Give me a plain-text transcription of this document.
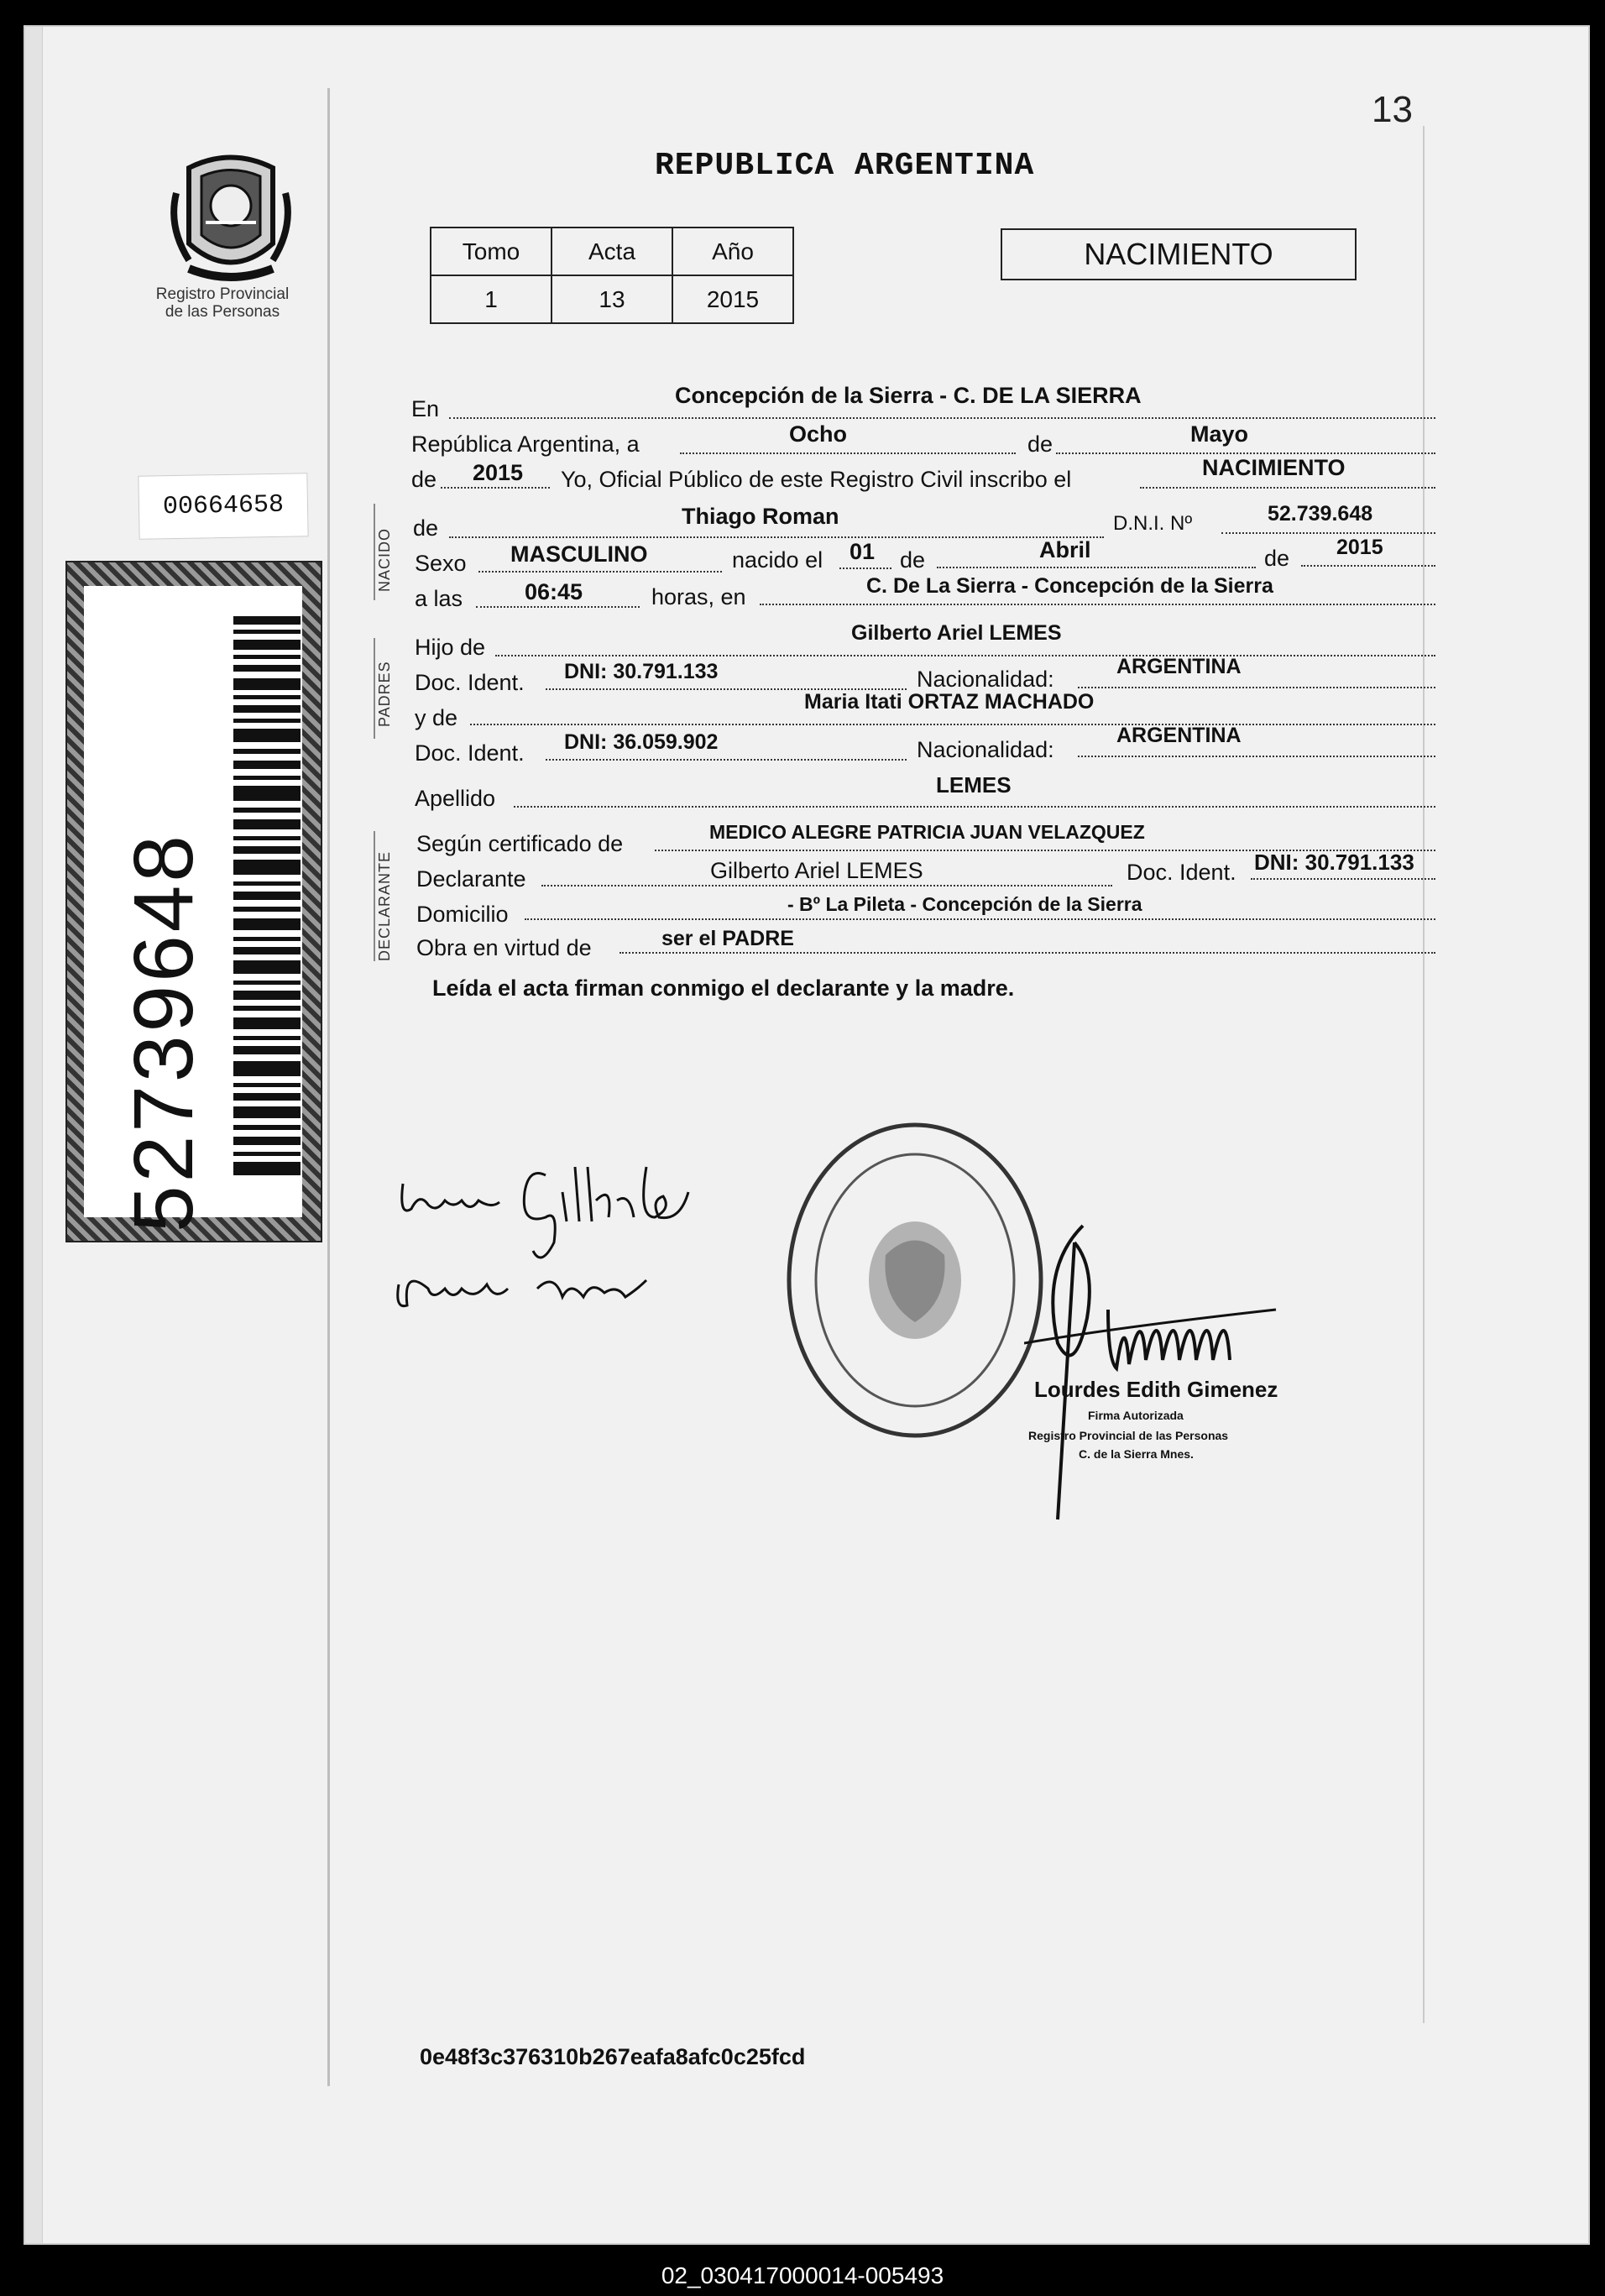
13
REPUBLICA ARGENTINA
Tomo	Acta	Año
1	13	2015
NACIMIENTO
Registro Provincial
de las Personas
00664658
52739648
NACIDO
PADRES
DECLARANTE
En
Concepción de la Sierra - C. DE LA SIERRA
República Argentina, a	Ocho	de	Mayo
de 2015 Yo, Oficial Público de este Registro Civil inscribo el	NACIMIENTO
de	Thiago Roman	D.N.I. Nº	52.739.648
Sexo MASCULINO	nacido el 01 de	Abril	de 2015
a las	06:45	horas, en	C. De La Sierra - Concepción de la Sierra
Hijo de
Gilberto Ariel LEMES
Doc. Ident. DNI: 30.791.133	Nacionalidad:	ARGENTINA
y de
Maria Itati ORTAZ MACHADO
Doc. Ident. DNI: 36.059.902	Nacionalidad:
ARGENTINA
Apellido
LEMES
Según certificado de	MEDICO ALEGRE PATRICIA JUAN VELAZQUEZ
Declarante	Gilberto Ariel LEMES	Doc. Ident. DNI: 30.791.133
Domicilio	- Bº La Pileta - Concepción de la Sierra
Obra en virtud de	ser el PADRE
Leída el acta firman conmigo el declarante y la madre.
Lourdes Edith Gimenez
Firma Autorizada
Registro Provincial de las Personas
C. de la Sierra Mnes.
0e48f3c376310b267eafa8afc0c25fcd
02_030417000014-005493
